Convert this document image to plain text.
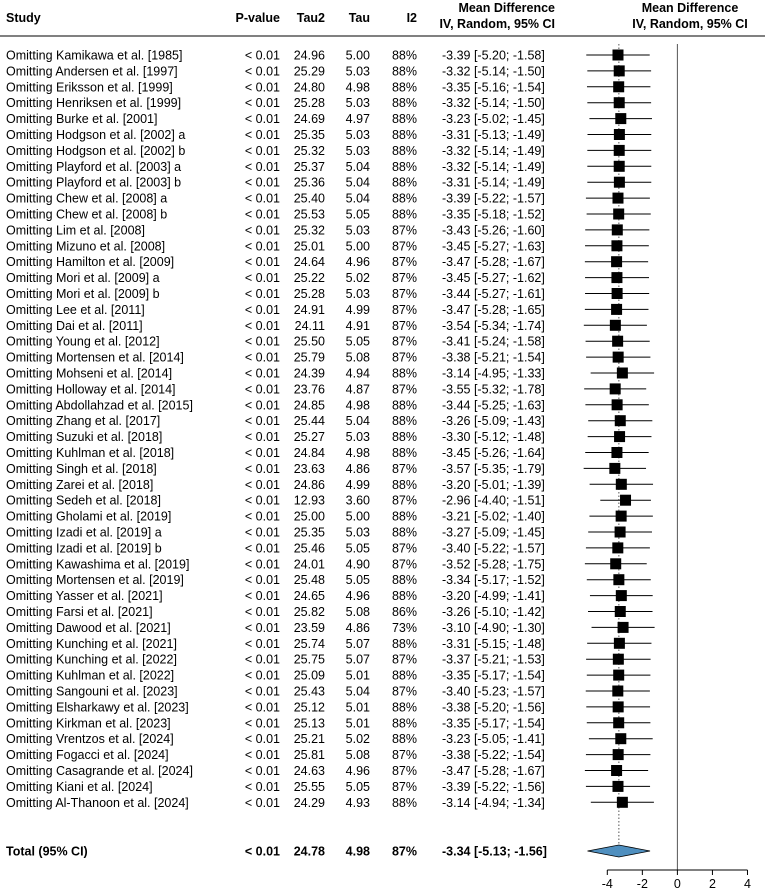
Study	P-value Tau2 Tau	I2
Mean Difference
IV, Random, 95% CI
Mean Difference
IV, Random, 95% CI
Omitting Kamikawa et al. [1985]	< 0.01 24.96 5.00 88% -3.39 [-5.20; -1.58]
Omitting Andersen et al. [1997]	< 0.01 25.29 5.03 88% -3.32 [-5.14; -1.50]
Omitting Eriksson et al. [1999]	< 0.01 24.80 4.98 88% -3.35 [-5.16; -1.54]
Omitting Henriksen et al. [1999]	< 0.01 25.28 5.03 88% -3.32 [-5.14; -1.50]
Omitting Burke et al. [2001]	< 0.01 24.69 4.97 88% -3.23 [-5.02; -1.45]
Omitting Hodgson et al. [2002] a	< 0.01 25.35 5.03 88% -3.31 [-5.13; -1.49]
Omitting Hodgson et al. [2002] b	< 0.01 25.32 5.03 88% -3.32 [-5.14; -1.49]
Omitting Playford et al. [2003] a	< 0.01 25.37 5.04 88% -3.32 [-5.14; -1.49]
Omitting Playford et al. [2003] b	< 0.01 25.36 5.04 88% -3.31 [-5.14; -1.49]
Omitting Chew et al. [2008] a	< 0.01 25.40 5.04 88% -3.39 [-5.22; -1.57]
Omitting Chew et al. [2008] b	< 0.01 25.53 5.05 88% -3.35 [-5.18; -1.52]
Omitting Lim et al. [2008]	< 0.01 25.32 5.03 87% -3.43 [-5.26; -1.60]
Omitting Mizuno et al. [2008]	< 0.01 25.01 5.00 87% -3.45 [-5.27; -1.63]
Omitting Hamilton et al. [2009]	< 0.01 24.64 4.96 87% -3.47 [-5.28; -1.67]
Omitting Mori et al. [2009] a	< 0.01 25.22 5.02 87% -3.45 [-5.27; -1.62]
Omitting Mori et al. [2009] b	< 0.01 25.28 5.03 87% -3.44 [-5.27; -1.61]
Omitting Lee et al. [2011]	< 0.01 24.91 4.99 87% -3.47 [-5.28; -1.65]
Omitting Dai et al. [2011]	< 0.01 24.11 4.91 87% -3.54 [-5.34; -1.74]
Omitting Young et al. [2012]	< 0.01 25.50 5.05 87% -3.41 [-5.24; -1.58]
Omitting Mortensen et al. [2014]	< 0.01 25.79 5.08 87% -3.38 [-5.21; -1.54]
Omitting Mohseni et al. [2014]	< 0.01 24.39 4.94 88% -3.14 [-4.95; -1.33]
Omitting Holloway et al. [2014]	< 0.01 23.76 4.87 87% -3.55 [-5.32; -1.78]
Omitting Abdollahzad et al. [2015]	< 0.01 24.85 4.98 88% -3.44 [-5.25; -1.63]
Omitting Zhang et al. [2017]	< 0.01 25.44 5.04 88% -3.26 [-5.09; -1.43]
Omitting Suzuki et al. [2018]	< 0.01 25.27 5.03 88% -3.30 [-5.12; -1.48]
Omitting Kuhlman et al. [2018]	< 0.01 24.84 4.98 88% -3.45 [-5.26; -1.64]
Omitting Singh et al. [2018]	< 0.01 23.63 4.86 87% -3.57 [-5.35; -1.79]
Omitting Zarei et al. [2018]	< 0.01 24.86 4.99 88% -3.20 [-5.01; -1.39]
Omitting Sedeh et al. [2018]	< 0.01 12.93 3.60 87% -2.96 [-4.40; -1.51]
Omitting Gholami et al. [2019]	< 0.01 25.00 5.00 88% -3.21 [-5.02; -1.40]
Omitting Izadi et al. [2019] a	< 0.01 25.35 5.03 88% -3.27 [-5.09; -1.45]
Omitting Izadi et al. [2019] b	< 0.01 25.46 5.05 87% -3.40 [-5.22; -1.57]
Omitting Kawashima et al. [2019]	< 0.01 24.01 4.90 87% -3.52 [-5.28; -1.75]
Omitting Mortensen et al. [2019]	< 0.01 25.48 5.05 88% -3.34 [-5.17; -1.52]
Omitting Yasser et al. [2021]	< 0.01 24.65 4.96 88% -3.20 [-4.99; -1.41]
Omitting Farsi et al. [2021]	< 0.01 25.82 5.08 86% -3.26 [-5.10; -1.42]
Omitting Dawood et al. [2021]	< 0.01 23.59 4.86 73% -3.10 [-4.90; -1.30]
Omitting Kunching et al. [2021]	< 0.01 25.74 5.07 88% -3.31 [-5.15; -1.48]
Omitting Kunching et al. [2022]	< 0.01 25.75 5.07 87% -3.37 [-5.21; -1.53]
Omitting Kuhlman et al. [2022]	< 0.01 25.09 5.01 88% -3.35 [-5.17; -1.54]
Omitting Sangouni et al. [2023]	< 0.01 25.43 5.04 87% -3.40 [-5.23; -1.57]
Omitting Elsharkawy et al. [2023]	< 0.01 25.12 5.01 88% -3.38 [-5.20; -1.56]
Omitting Kirkman et al. [2023]	< 0.01 25.13 5.01 88% -3.35 [-5.17; -1.54]
Omitting Vrentzos et al. [2024]	< 0.01 25.21 5.02 88% -3.23 [-5.05; -1.41]
Omitting Fogacci et al. [2024]	< 0.01 25.81 5.08 87% -3.38 [-5.22; -1.54]
Omitting Casagrande et al. [2024]	< 0.01 24.63 4.96 87% -3.47 [-5.28; -1.67]
Omitting Kiani et al. [2024]	< 0.01 25.55 5.05 87% -3.39 [-5.22; -1.56]
Omitting Al-Thanoon et al. [2024]	< 0.01 24.29 4.93 88% -3.14 [-4.94; -1.34]
Total (95% CI)	< 0.01 24.78 4.98 87% -3.34 [-5.13; -1.56]
-4 -2 0 2 4
